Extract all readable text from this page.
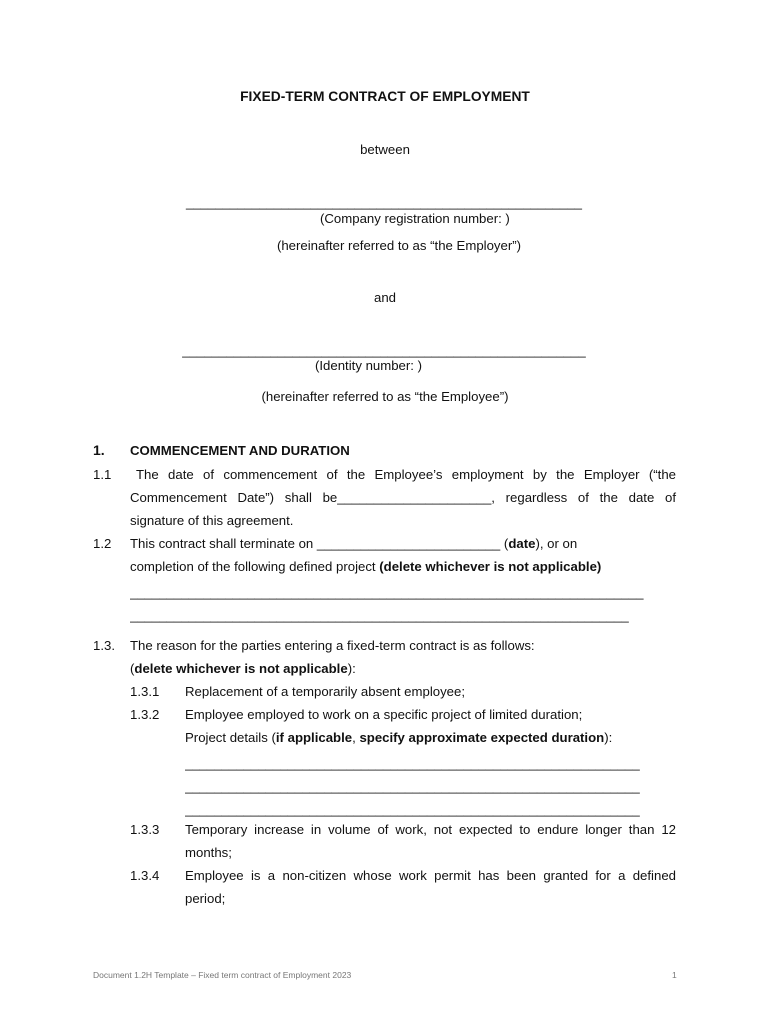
FIXED-TERM CONTRACT OF EMPLOYMENT
between
______________________________________________________
(Company registration number: )
(hereinafter referred to as “the Employer”)
and
_______________________________________________________
(Identity number: )
(hereinafter referred to as “the Employee”)
1. COMMENCEMENT AND DURATION
1.1 The date of commencement of the Employee’s employment by the Employer (“the
Commencement Date”) shall be_____________________, regardless of the date of
signature of this agreement.
1.2 This contract shall terminate on _________________________ (date), or on
completion of the following defined project (delete whichever is not applicable)
______________________________________________________________________
____________________________________________________________________
1.3. The reason for the parties entering a fixed-term contract is as follows:
(delete whichever is not applicable):
1.3.1 Replacement of a temporarily absent employee;
1.3.2 Employee employed to work on a specific project of limited duration;
Project details (if applicable, specify approximate expected duration):
______________________________________________________________
______________________________________________________________
______________________________________________________________
1.3.3 Temporary increase in volume of work, not expected to endure longer than 12
months;
1.3.4 Employee is a non-citizen whose work permit has been granted for a defined
period;
Document 1.2H Template – Fixed term contract of Employment 2023	1
